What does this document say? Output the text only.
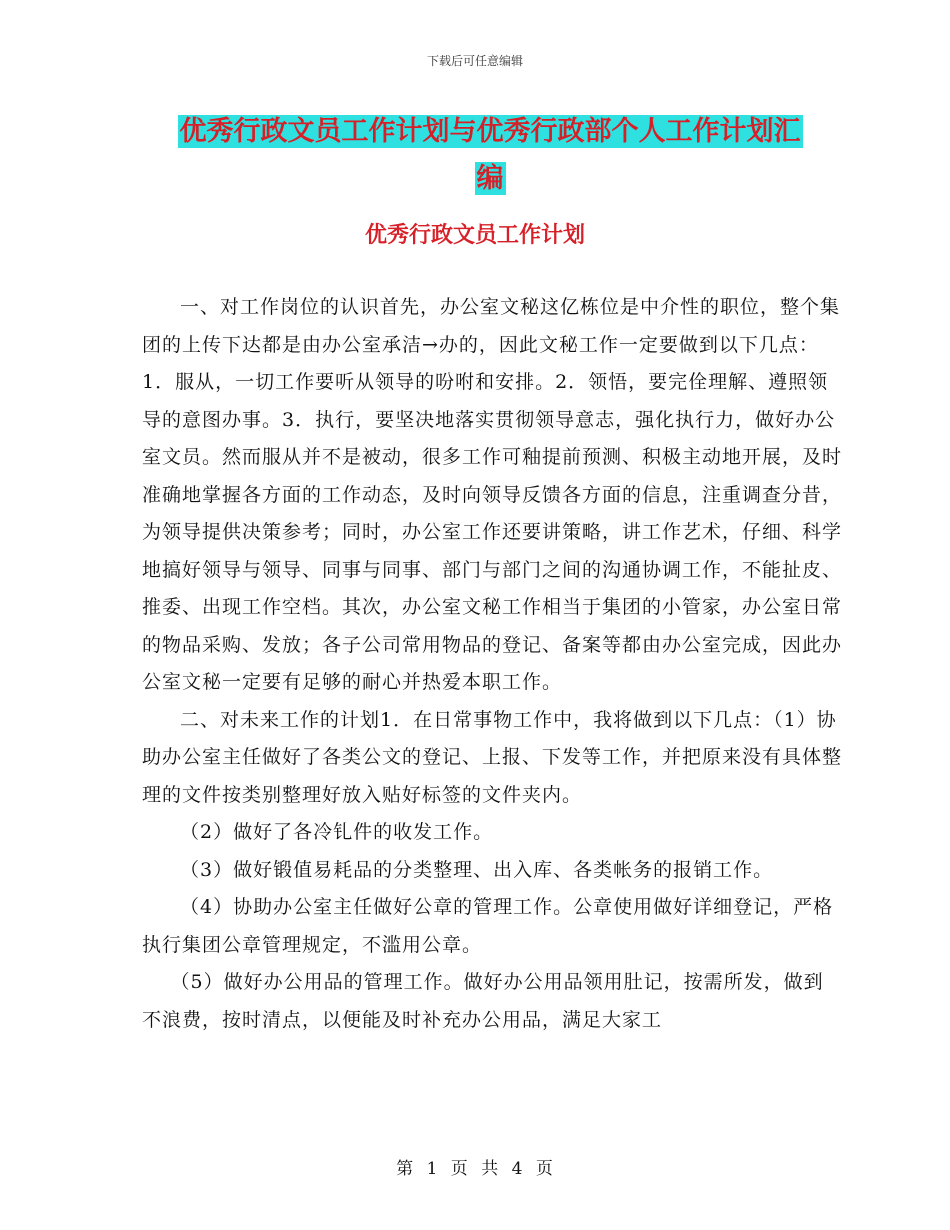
下载后可任意编辑
优秀行政文员工作计划与优秀行政部个人工作计划汇
编
优秀行政文员工作计划

一、对工作岗位的认识首先，办公室文秘这亿栋位是中介性的职位，整个集团的上传下达都是由办公室承洁→办的，因此文秘工作一定要做到以下几点：1．服从，一切工作要听从领导的吩咐和安排。2．领悟，要完佺理解、遵照领导的意图办事。3．执行，要坚决地落实贯彻领导意志，强化执行力，做好办公室文员。然而服从并不是被动，很多工作可釉提前预测、积极主动地开展，及时准确地掌握各方面的工作动态，及时向领导反馈各方面的信息，注重调查分昔，为领导提供决策参考；同时，办公室工作还要讲策略，讲工作艺术，仔细、科学地搞好领导与领导、同事与同事、部门与部门之间的沟通协调工作，不能扯皮、推委、出现工作空档。其次，办公室文秘工作相当于集团的小管家，办公室日常的物品采购、发放；各子公司常用物品的登记、备案等都由办公室完成，因此办公室文秘一定要有足够的耐心并热爱本职工作。

二、对未来工作的计划1．在日常事物工作中，我将做到以下几点：（1）协助办公室主任做好了各类公文的登记、上报、下发等工作，并把原来没有具体整理的文件按类别整理好放入贴好标签的文件夹内。

（2）做好了各冷钆件的收发工作。

（3）做好锻值易耗品的分类整理、出入库、各类帐务的报销工作。

（4）协助办公室主任做好公章的管理工作。公章使用做好详细登记，严格执行集团公章管理规定，不滥用公章。

（5）做好办公用品的管理工作。做好办公用品领用肚记，按需所发，做到不浪费，按时清点，以便能及时补充办公用品，满足大家工

第 1 页 共 4 页
